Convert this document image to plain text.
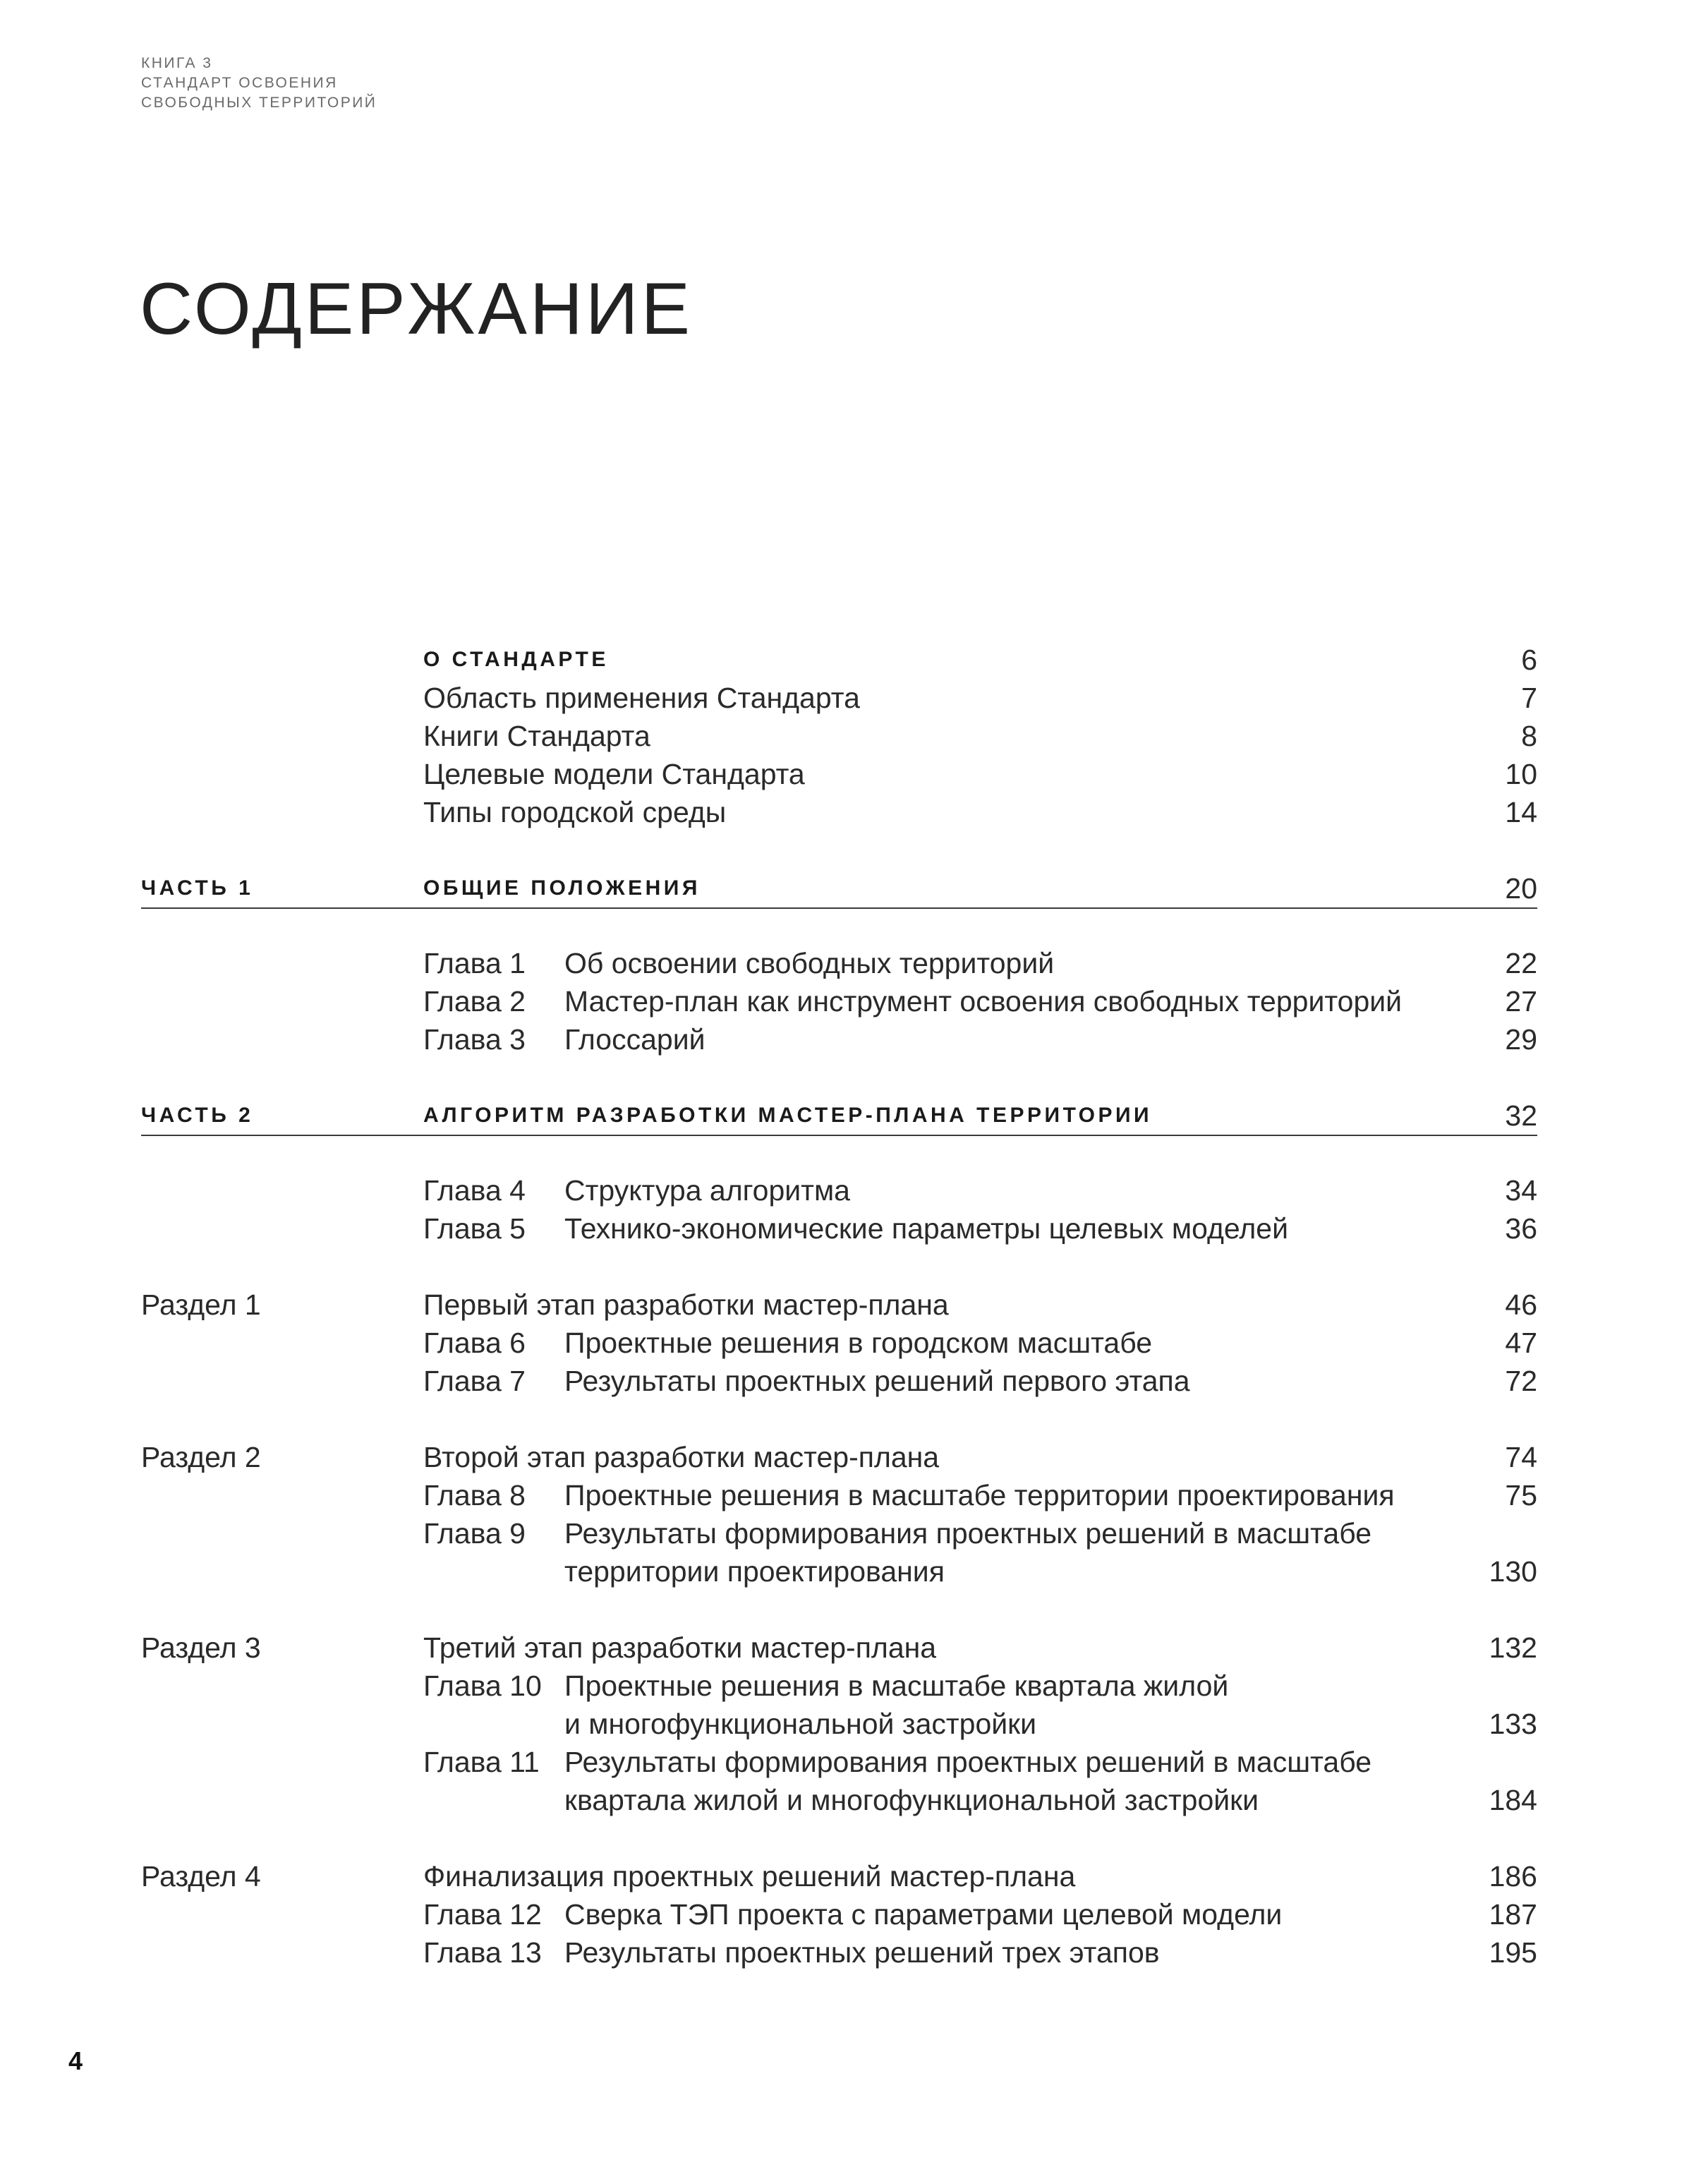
КНИГА 3
СТАНДАРТ ОСВОЕНИЯ
СВОБОДНЫХ ТЕРРИТОРИЙ
СОДЕРЖАНИЕ
О СТАНДАРТЕ	6
Область применения Стандарта	7
Книги Стандарта	8
Целевые модели Стандарта	10
Типы городской среды	14
ЧАСТЬ 1	ОБЩИЕ ПОЛОЖЕНИЯ	20
Глава 1 Об освоении свободных территорий	22
Глава 2 Мастер-план как инструмент освоения свободных территорий	27
Глава 3 Глоссарий	29
ЧАСТЬ 2	АЛГОРИТМ РАЗРАБОТКИ МАСТЕР-ПЛАНА ТЕРРИТОРИИ	32
Глава 4 Структура алгоритма	34
Глава 5 Технико-экономические параметры целевых моделей	36
Раздел 1	Первый этап разработки мастер-плана	46
Глава 6 Проектные решения в городском масштабе	47
Глава 7 Результаты проектных решений первого этапа	72
Раздел 2	Второй этап разработки мастер-плана	74
Глава 8 Проектные решения в масштабе территории проектирования	75
Глава 9 Результаты формирования проектных решений в масштабе
территории проектирования	130
Раздел 3	Третий этап разработки мастер-плана	132
Глава 10 Проектные решения в масштабе квартала жилой
и многофункциональной застройки	133
Глава 11 Результаты формирования проектных решений в масштабе
квартала жилой и многофункциональной застройки	184
Раздел 4	Финализация проектных решений мастер-плана	186
Глава 12 Сверка ТЭП проекта с параметрами целевой модели	187
Глава 13 Результаты проектных решений трех этапов	195
4
